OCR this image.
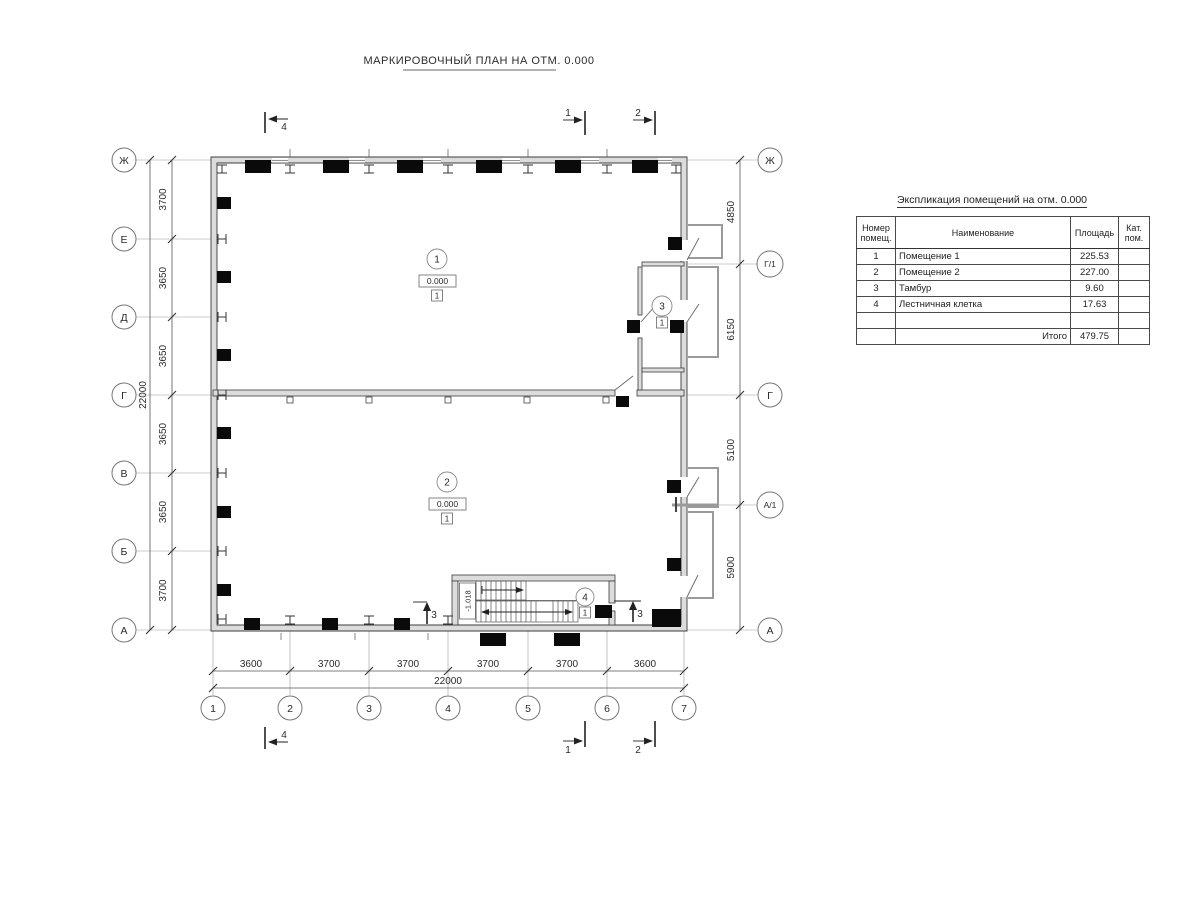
МАРКИРОВОЧНЫЙ ПЛАН НА ОТМ. 0.000
3700
3650
3650
3650
3650
3700
22000
3600	3700	3700	3700	3700	3600
22000
4850
6150
5100
5900
Ж
Е
Д
Г
В
Б
А
1	2	3	4	5	6	7
Ж
Г/1
Г
А/1
А
-1.018
1
0.000
1
2
0.000
1
3
1
4
1
4
1	2
4
1	2
3	3
Экспликация помещений на отм. 0.000
Номер
помещ.	Наименование	Площадь	Кат.
пом.

1	Помещение 1	225.53	
2	Помещение 2	227.00	
3	Тамбур	9.60	
4	Лестничная клетка	17.63	

	Итого	479.75	
